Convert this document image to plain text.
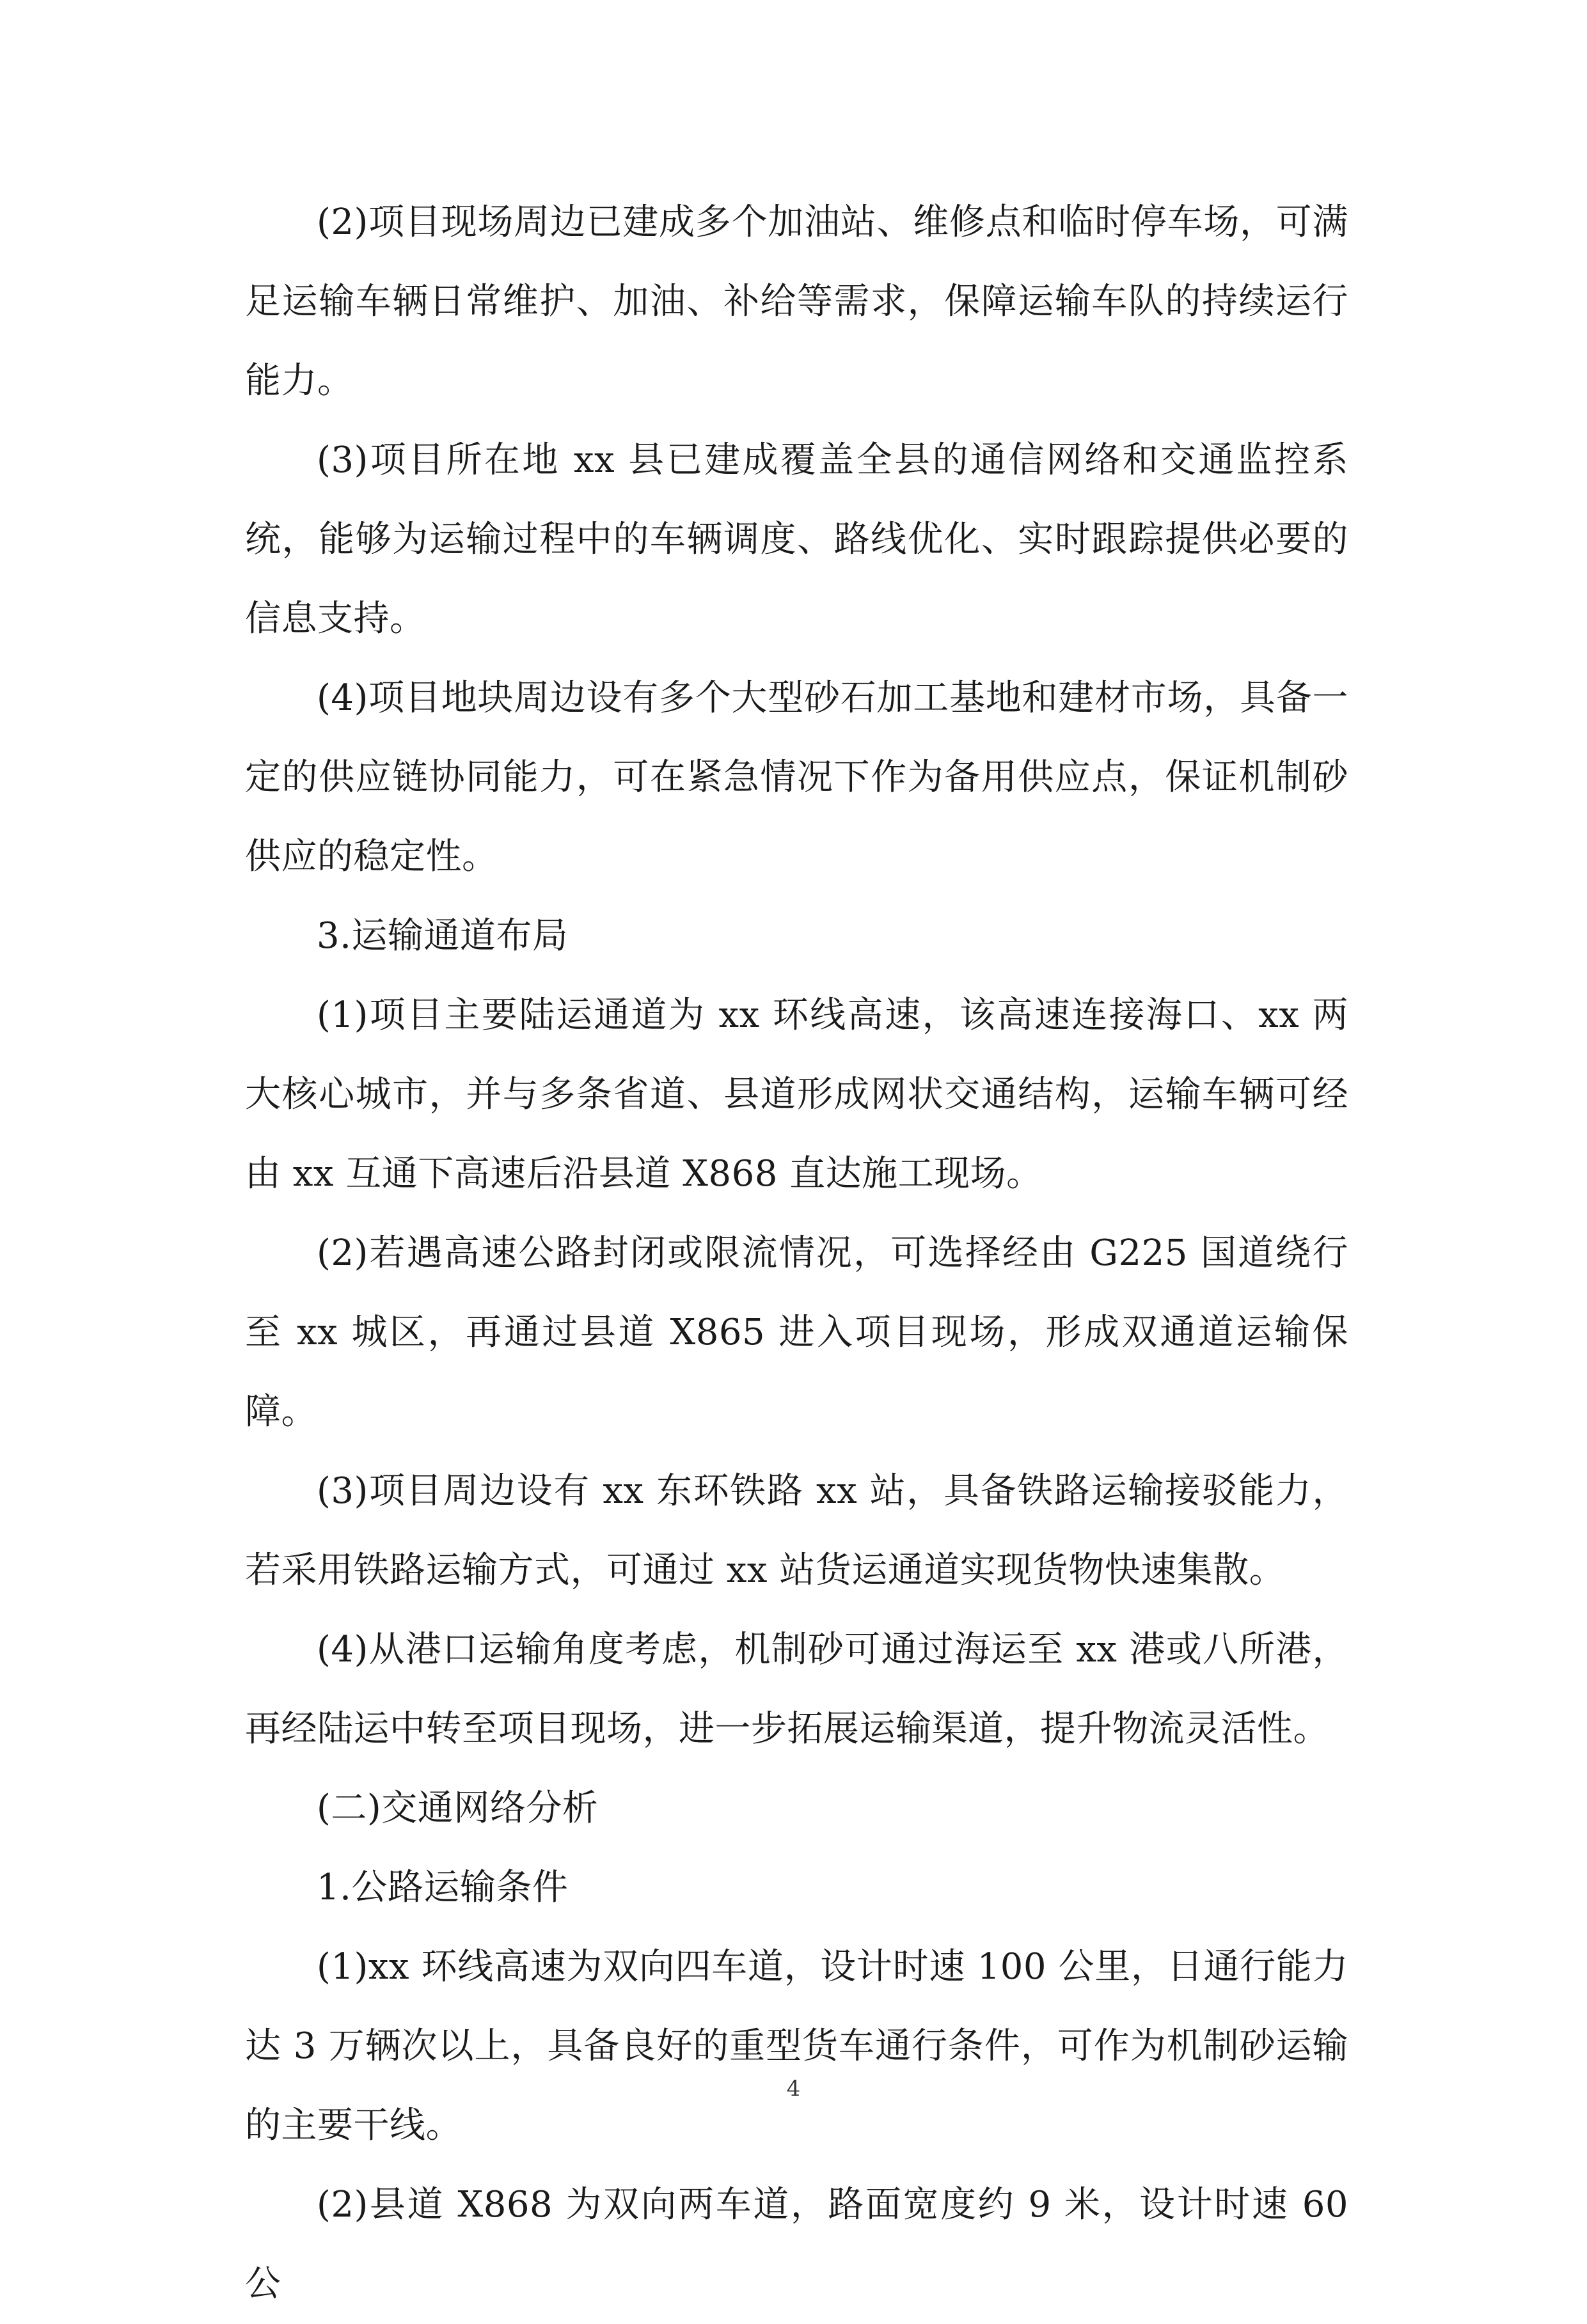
(2)项目现场周边已建成多个加油站、维修点和临时停车场，可满足运输车辆日常维护、加油、补给等需求，保障运输车队的持续运行能力。

(3)项目所在地 xx 县已建成覆盖全县的通信网络和交通监控系统，能够为运输过程中的车辆调度、路线优化、实时跟踪提供必要的信息支持。

(4)项目地块周边设有多个大型砂石加工基地和建材市场，具备一定的供应链协同能力，可在紧急情况下作为备用供应点，保证机制砂供应的稳定性。

3.运输通道布局

(1)项目主要陆运通道为 xx 环线高速，该高速连接海口、xx 两大核心城市，并与多条省道、县道形成网状交通结构，运输车辆可经由 xx 互通下高速后沿县道 X868 直达施工现场。

(2)若遇高速公路封闭或限流情况，可选择经由 G225 国道绕行至 xx 城区，再通过县道 X865 进入项目现场，形成双通道运输保障。

(3)项目周边设有 xx 东环铁路 xx 站，具备铁路运输接驳能力，若采用铁路运输方式，可通过 xx 站货运通道实现货物快速集散。

(4)从港口运输角度考虑，机制砂可通过海运至 xx 港或八所港，再经陆运中转至项目现场，进一步拓展运输渠道，提升物流灵活性。

(二)交通网络分析

1.公路运输条件

(1)xx 环线高速为双向四车道，设计时速 100 公里，日通行能力达 3 万辆次以上，具备良好的重型货车通行条件，可作为机制砂运输的主要干线。

(2)县道 X868 为双向两车道，路面宽度约 9 米，设计时速 60 公

4
